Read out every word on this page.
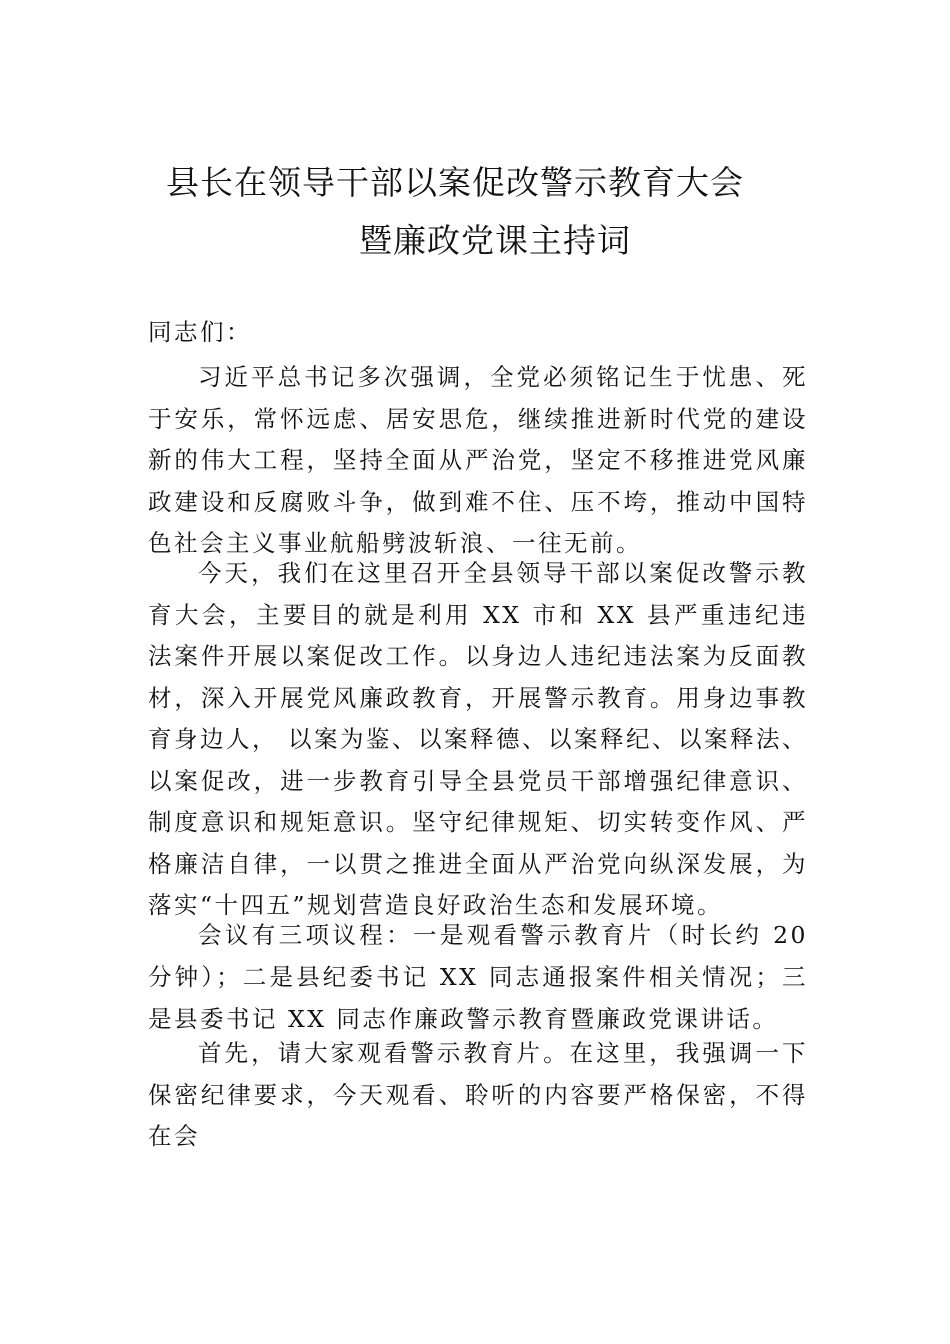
县长在领导干部以案促改警示教育大会
暨廉政党课主持词

同志们：

习近平总书记多次强调，全党必须铭记生于忧患、死于安乐，常怀远虑、居安思危，继续推进新时代党的建设新的伟大工程，坚持全面从严治党，坚定不移推进党风廉政建设和反腐败斗争，做到难不住、压不垮，推动中国特色社会主义事业航船劈波斩浪、一往无前。

今天，我们在这里召开全县领导干部以案促改警示教育大会，主要目的就是利用 XX 市和 XX 县严重违纪违法案件开展以案促改工作。以身边人违纪违法案为反面教材，深入开展党风廉政教育，开展警示教育。用身边事教育身边人， 以案为鉴、以案释德、以案释纪、以案释法、以案促改，进一步教育引导全县党员干部增强纪律意识、制度意识和规矩意识。坚守纪律规矩、切实转变作风、严格廉洁自律，一以贯之推进全面从严治党向纵深发展，为落实“十四五”规划营造良好政治生态和发展环境。

会议有三项议程：一是观看警示教育片（时长约 20 分钟）；二是县纪委书记 XX 同志通报案件相关情况；三是县委书记 XX 同志作廉政警示教育暨廉政党课讲话。

首先，请大家观看警示教育片。在这里，我强调一下保密纪律要求，今天观看、聆听的内容要严格保密，不得在会
